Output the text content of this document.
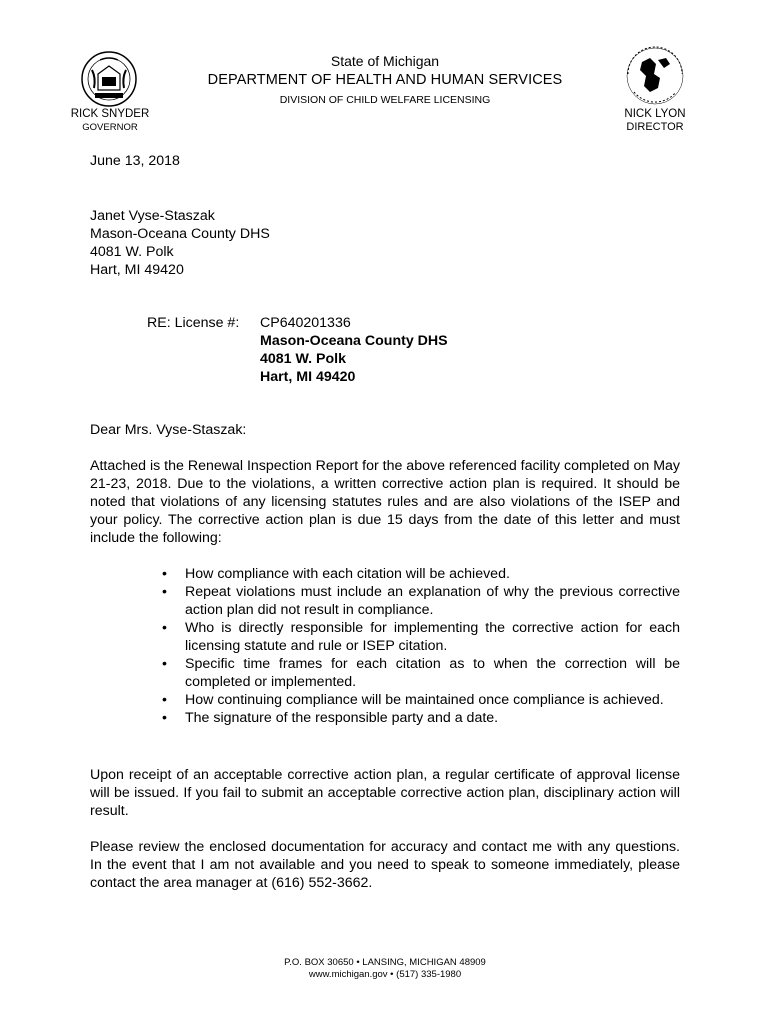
RICK SNYDER
GOVERNOR
State of Michigan
DEPARTMENT OF HEALTH AND HUMAN SERVICES
DIVISION OF CHILD WELFARE LICENSING
NICK LYON
DIRECTOR
June 13, 2018
Janet Vyse-Staszak
Mason-Oceana County DHS
4081 W. Polk
Hart, MI 49420
RE: License #: CP640201336
Mason-Oceana County DHS
4081 W. Polk
Hart, MI 49420
Dear Mrs. Vyse-Staszak:
Attached is the Renewal Inspection Report for the above referenced facility completed on May 21-23, 2018. Due to the violations, a written corrective action plan is required. It should be noted that violations of any licensing statutes rules and are also violations of the ISEP and your policy. The corrective action plan is due 15 days from the date of this letter and must include the following:
• How compliance with each citation will be achieved.
• Repeat violations must include an explanation of why the previous corrective action plan did not result in compliance.
• Who is directly responsible for implementing the corrective action for each licensing statute and rule or ISEP citation.
• Specific time frames for each citation as to when the correction will be completed or implemented.
• How continuing compliance will be maintained once compliance is achieved.
• The signature of the responsible party and a date.
Upon receipt of an acceptable corrective action plan, a regular certificate of approval license will be issued. If you fail to submit an acceptable corrective action plan, disciplinary action will result.
Please review the enclosed documentation for accuracy and contact me with any questions. In the event that I am not available and you need to speak to someone immediately, please contact the area manager at (616) 552-3662.
P.O. BOX 30650 • LANSING, MICHIGAN 48909
www.michigan.gov • (517) 335-1980
